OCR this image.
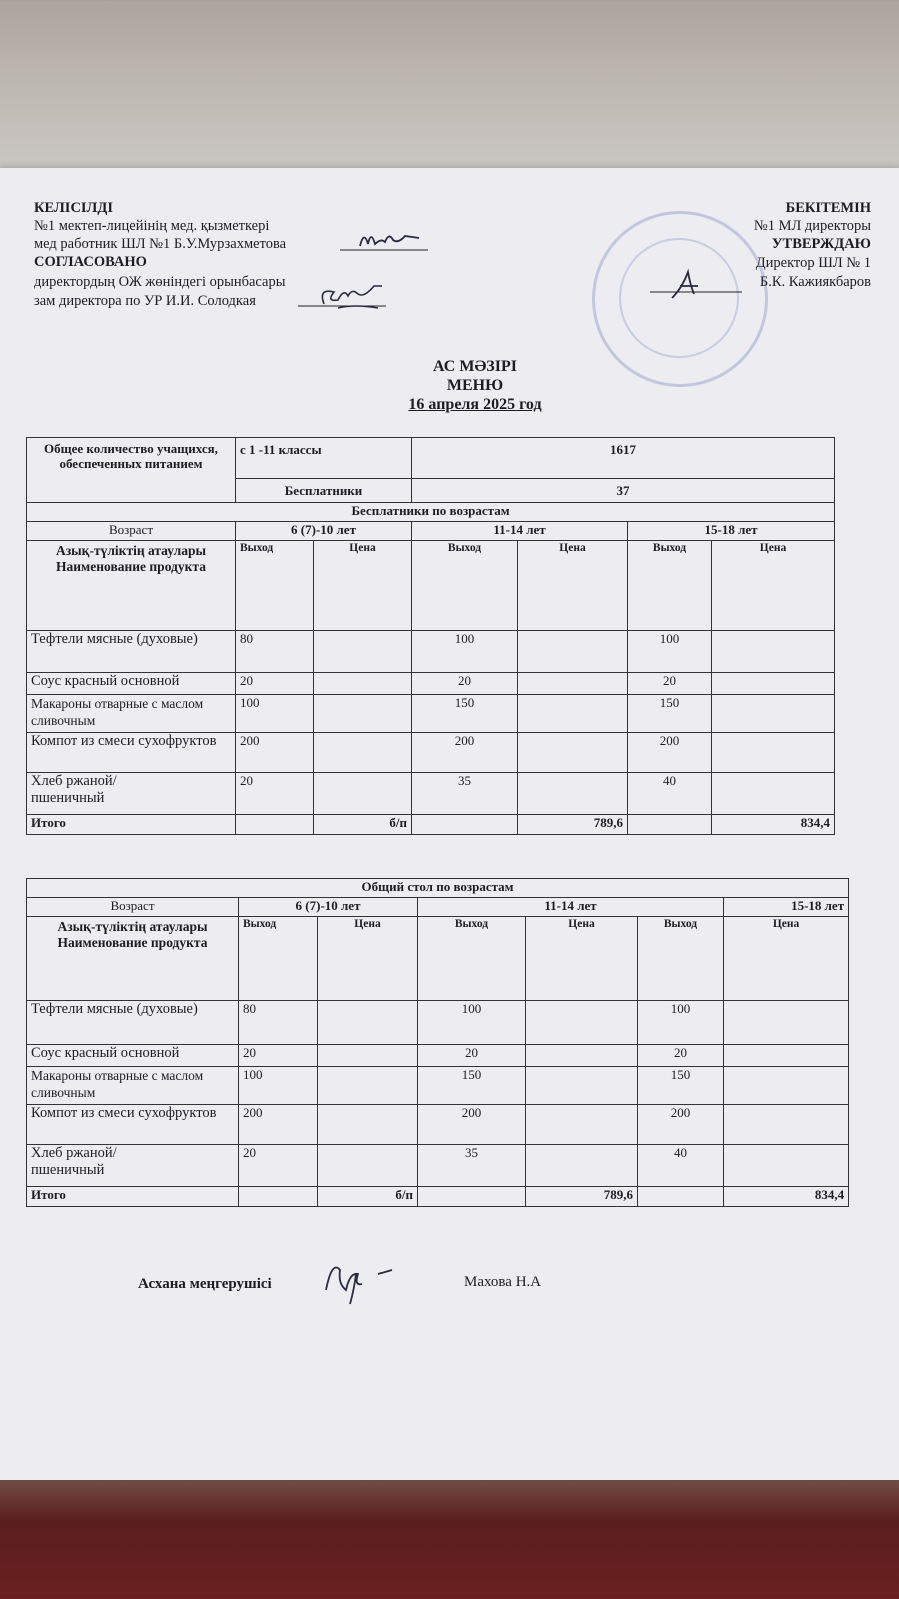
КЕЛІСІЛДІ
№1 мектеп-лицейінің мед. қызметкері
мед работник ШЛ №1 Б.У.Мурзахметова
СОГЛАСОВАНО
директордың ОЖ жөніндегі орынбасары
зам директора по УР И.И. Солодкая
БЕКІТЕМІН
№1 МЛ директоры
УТВЕРЖДАЮ
Директор ШЛ № 1
Б.К. Кажиякбаров
АС МӘЗІРІ
МЕНЮ
16 апреля 2025 год
Общее количество учащихся, обеспеченных питанием	с 1 -11 классы		1617			
	Бесплатники		37			
Бесплатники по возрастам						
Возраст	6 (7)-10 лет		11-14 лет		15-18 лет	
Азық-түліктің атаулары Наименование продукта	Выход	Цена	Выход	Цена	Выход	Цена
Тефтели мясные (духовые)	80		100		100	
Соус красный основной	20		20		20	
Макароны отварные с маслом сливочным	100		150		150	
Компот из смеси сухофруктов	200		200		200	
Хлеб ржаной/пшеничный	20		35		40	
Итого		б/п		789,6		834,4
Общий стол по возрастам						
Возраст	6 (7)-10 лет		11-14 лет			15-18 лет
Азық-түліктің атаулары Наименование продукта	Выход	Цена	Выход	Цена	Выход	Цена
Тефтели мясные (духовые)	80		100		100	
Соус красный основной	20		20		20	
Макароны отварные с маслом сливочным	100		150		150	
Компот из смеси сухофруктов	200		200		200	
Хлеб ржаной/пшеничный	20		35		40	
Итого		б/п		789,6		834,4
Асхана меңгерушісі	Махова Н.А
